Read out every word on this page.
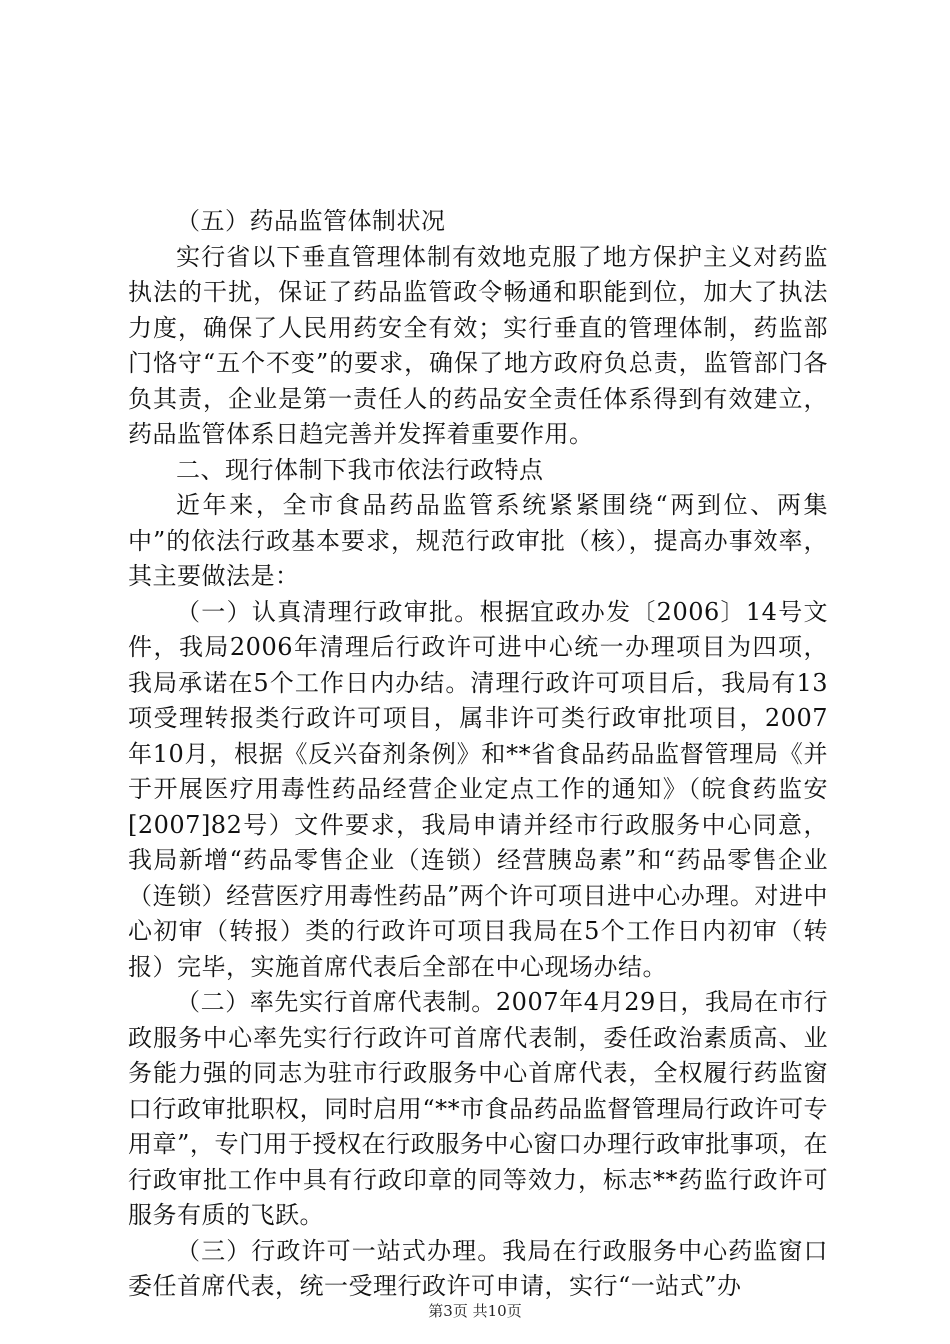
（五）药品监管体制状况

实行省以下垂直管理体制有效地克服了地方保护主义对药监执法的干扰，保证了药品监管政令畅通和职能到位，加大了执法力度，确保了人民用药安全有效；实行垂直的管理体制，药监部门恪守“五个不变”的要求，确保了地方政府负总责，监管部门各负其责，企业是第一责任人的药品安全责任体系得到有效建立，药品监管体系日趋完善并发挥着重要作用。

二、现行体制下我市依法行政特点

近年来，全市食品药品监管系统紧紧围绕“两到位、两集中”的依法行政基本要求，规范行政审批（核），提高办事效率，其主要做法是：

（一）认真清理行政审批。根据宜政办发〔2006〕14号文件，我局2006年清理后行政许可进中心统一办理项目为四项，我局承诺在5个工作日内办结。清理行政许可项目后，我局有13项受理转报类行政许可项目，属非许可类行政审批项目，2007年10月，根据《反兴奋剂条例》和**省食品药品监督管理局《并于开展医疗用毒性药品经营企业定点工作的通知》（皖食药监安[2007]82号）文件要求，我局申请并经市行政服务中心同意，我局新增“药品零售企业（连锁）经营胰岛素”和“药品零售企业（连锁）经营医疗用毒性药品”两个许可项目进中心办理。对进中心初审（转报）类的行政许可项目我局在5个工作日内初审（转报）完毕，实施首席代表后全部在中心现场办结。

（二）率先实行首席代表制。2007年4月29日，我局在市行政服务中心率先实行行政许可首席代表制，委任政治素质高、业务能力强的同志为驻市行政服务中心首席代表，全权履行药监窗口行政审批职权，同时启用“**市食品药品监督管理局行政许可专用章”，专门用于授权在行政服务中心窗口办理行政审批事项，在行政审批工作中具有行政印章的同等效力，标志**药监行政许可服务有质的飞跃。

（三）行政许可一站式办理。我局在行政服务中心药监窗口委任首席代表，统一受理行政许可申请，实行“一站式”办

第3页 共10页
